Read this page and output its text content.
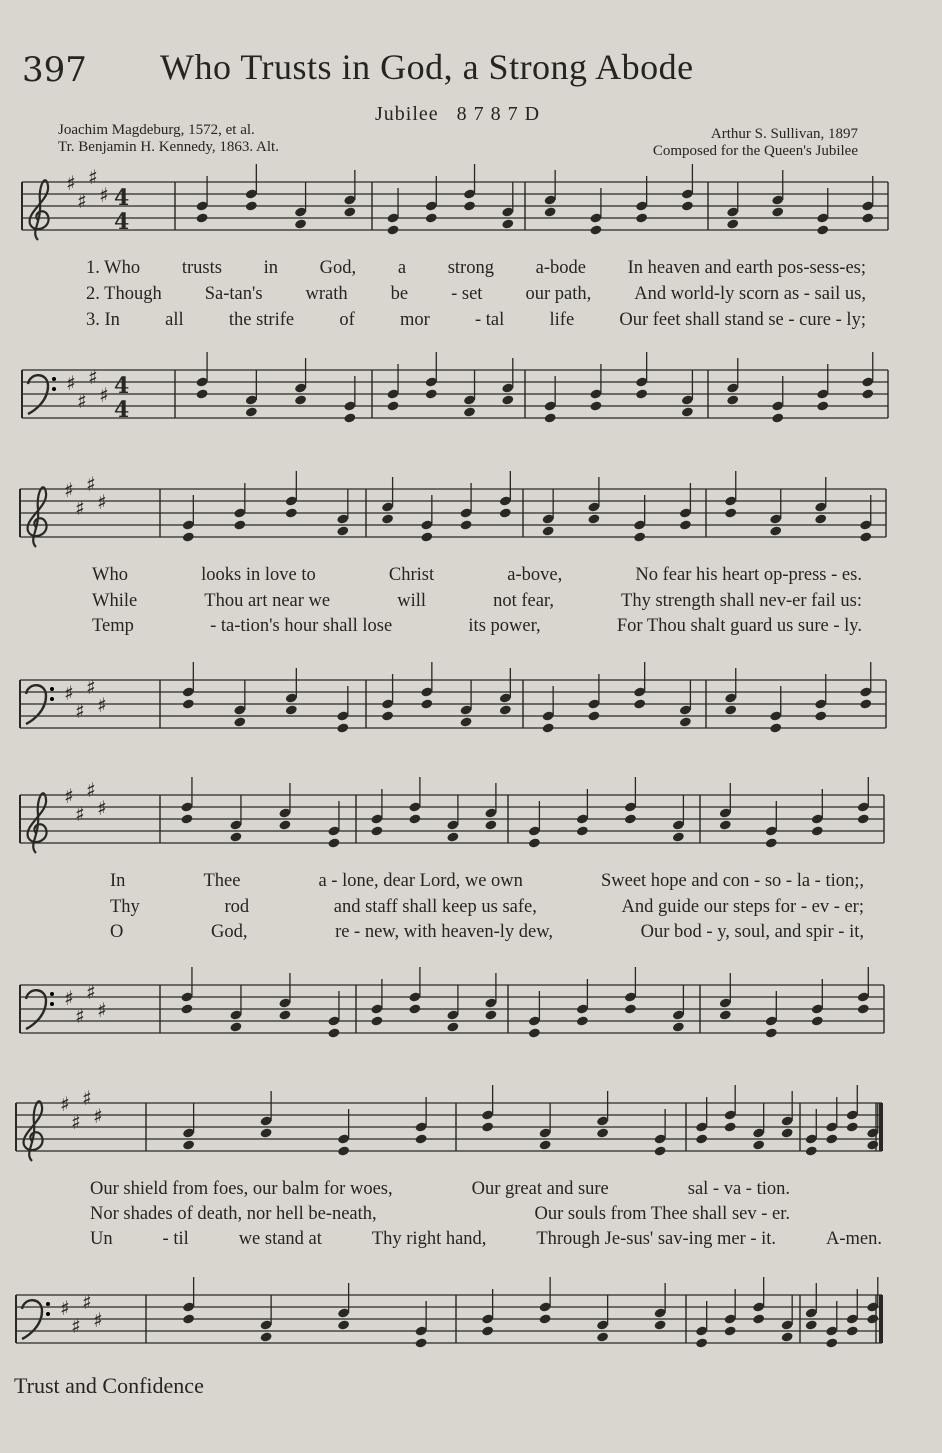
397 Who Trusts in God, a Strong Abode
Jubilee 8 7 8 7 D
Joachim Magdeburg, 1572, et al.
Tr. Benjamin H. Kennedy, 1863. Alt.
Arthur S. Sullivan, 1897
Composed for the Queen's Jubilee
♯
♯
♯
♯ 4
4
♯
♯
♯
♯ 4
4
♯
♯
♯
♯
♯
♯
♯
♯
♯
♯
♯
♯
♯
♯
♯
♯
♯
♯
♯
♯
♯
♯
♯
♯
1. Who trusts in God, a strong a-bode In heaven and earth pos-sess-es;
2. Though Sa-tan's wrath be - set our path, And world-ly scorn as - sail us,
3. In all the strife of mor - tal life Our feet shall stand se - cure - ly;
Who	looks in love to	Christ	a-bove,	No fear his heart op-press - es.
While	Thou art near we	will	not fear,	Thy strength shall nev-er fail us:
Temp	- ta-tion's hour shall lose	its power,	For Thou shalt guard us sure - ly.
In	Thee	a - lone, dear Lord, we own	Sweet hope and con - so - la - tion;,
Thy	rod	and staff shall keep us safe,	And guide our steps for - ev - er;
O	God,	re - new, with heaven-ly dew,	Our bod - y, soul, and spir - it,
Our shield from foes, our balm for woes,	Our great and sure	sal - va - tion.
Nor shades of death, nor hell be-neath,	Our souls from Thee shall sev - er.
Un	- til	we stand at	Thy right hand,	Through Je-sus' sav-ing mer - it.	A-men.
Trust and Confidence
